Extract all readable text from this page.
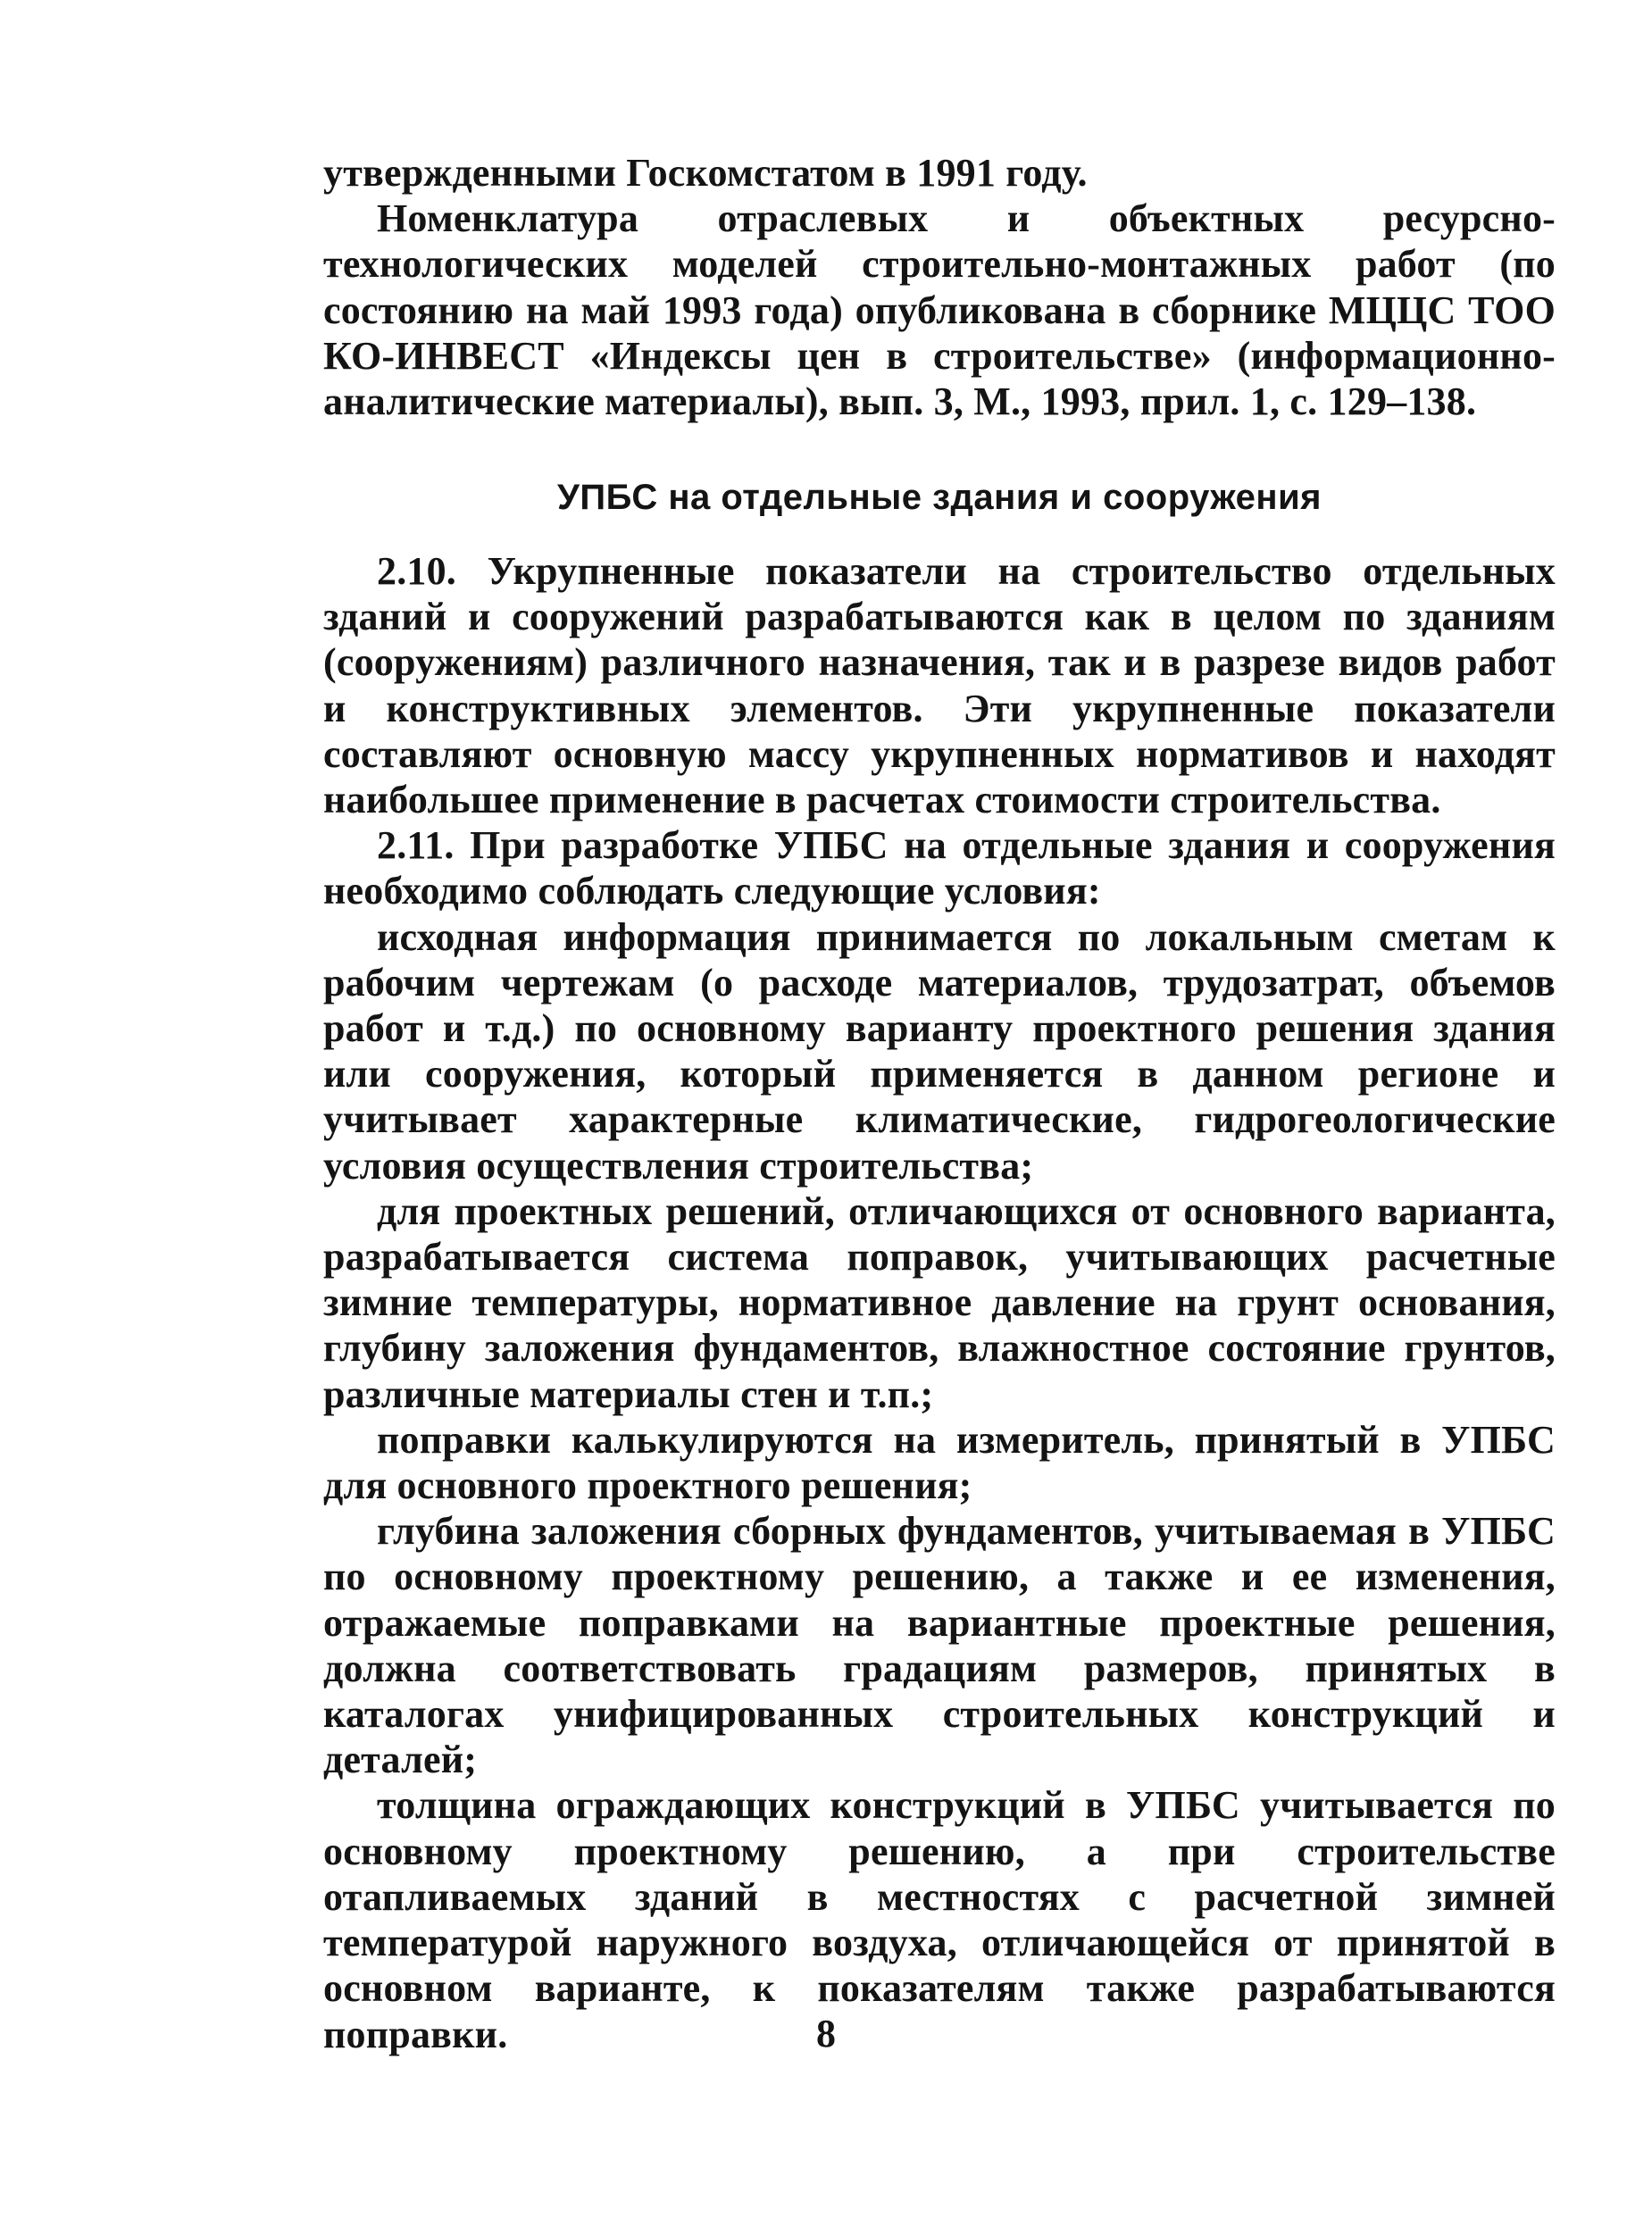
утвержденными Госкомстатом в 1991 году.

Номенклатура отраслевых и объектных ресурсно-технологических моделей строительно-монтажных работ (по состоянию на май 1993 года) опубликована в сборнике МЦЦС ТОО КО-ИНВЕСТ «Индексы цен в строительстве» (информационно-аналитические материалы), вып. 3, М., 1993, прил. 1, с. 129–138.

УПБС на отдельные здания и сооружения

2.10. Укрупненные показатели на строительство отдельных зданий и сооружений разрабатываются как в целом по зданиям (сооружениям) различного назначения, так и в разрезе видов работ и конструктивных элементов. Эти укрупненные показатели составляют основную массу укрупненных нормативов и находят наибольшее применение в расчетах стоимости строительства.

2.11. При разработке УПБС на отдельные здания и сооружения необходимо соблюдать следующие условия:

исходная информация принимается по локальным сметам к рабочим чертежам (о расходе материалов, трудозатрат, объемов работ и т.д.) по основному варианту проектного решения здания или сооружения, который применяется в данном регионе и учитывает характерные климатические, гидрогеологические условия осуществления строительства;

для проектных решений, отличающихся от основного варианта, разрабатывается система поправок, учитывающих расчетные зимние температуры, нормативное давление на грунт основания, глубину заложения фундаментов, влажностное состояние грунтов, различные материалы стен и т.п.;

поправки калькулируются на измеритель, принятый в УПБС для основного проектного решения;

глубина заложения сборных фундаментов, учитываемая в УПБС по основному проектному решению, а также и ее изменения, отражаемые поправками на вариантные проектные решения, должна соответствовать градациям размеров, принятых в каталогах унифицированных строительных конструкций и деталей;

толщина ограждающих конструкций в УПБС учитывается по основному проектному решению, а при строительстве отапливаемых зданий в местностях с расчетной зимней температурой наружного воздуха, отличающейся от принятой в основном варианте, к показателям также разрабатываются поправки.	8
